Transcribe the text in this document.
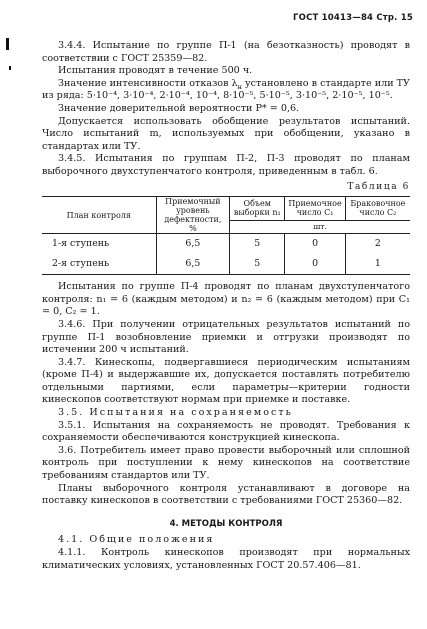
ГОСТ 10413—84 Стр. 15

3.4.4. Испытание по группе П-1 (на безотказность) проводят в соответствии с ГОСТ 25359—82.

Испытания проводят в течение 500 ч.

Значение интенсивности отказов $\lambda_н$ установлено в стандарте или ТУ из ряда: 5·10⁻⁴, 3·10⁻⁴, 2·10⁻⁴, 10⁻⁴, 8·10⁻⁵, 5·10⁻⁵, 3·10⁻⁵, 2·10⁻⁵, 10⁻⁵.

Значение доверительной вероятности P* = 0,6.

Допускается использовать обобщение результатов испытаний. Число испытаний m, используемых при обобщении, указано в стандартах или ТУ.

3.4.5. Испытания по группам П-2, П-3 проводят по планам выборочного двухступенчатого контроля, приведенным в табл. 6.

Таблица 6
План контроля	Приемочный уровень дефектности, %	Объем выборки n₁	Приемочное число C₁	Браковочное число C₂
		шт.		
1-я ступень	6,5	5	0	2
2-я ступень	6,5	5	0	1

Испытания по группе П-4 проводят по планам двухступенчатого контроля: n₁ = 6 (каждым методом) и n₂ = 6 (каждым методом) при C₁ = 0, C₂ = 1.

3.4.6. При получении отрицательных результатов испытаний по группе П-1 возобновление приемки и отгрузки производят по истечении 200 ч испытаний.

3.4.7. Кинескопы, подвергавшиеся периодическим испытаниям (кроме П-4) и выдержавшие их, допускается поставлять потребителю отдельными партиями, если параметры—критерии годности кинескопов соответствуют нормам при приемке и поставке.

3.5. Испытания на сохраняемость

3.5.1. Испытания на сохраняемость не проводят. Требования к сохраняемости обеспечиваются конструкцией кинескопа.

3.6. Потребитель имеет право провести выборочный или сплошной контроль при поступлении к нему кинескопов на соответствие требованиям стандартов или ТУ.

Планы выборочного контроля устанавливают в договоре на поставку кинескопов в соответствии с требованиями ГОСТ 25360—82.

4. МЕТОДЫ КОНТРОЛЯ

4.1. Общие положения

4.1.1. Контроль кинескопов производят при нормальных климатических условиях, установленных ГОСТ 20.57.406—81.
